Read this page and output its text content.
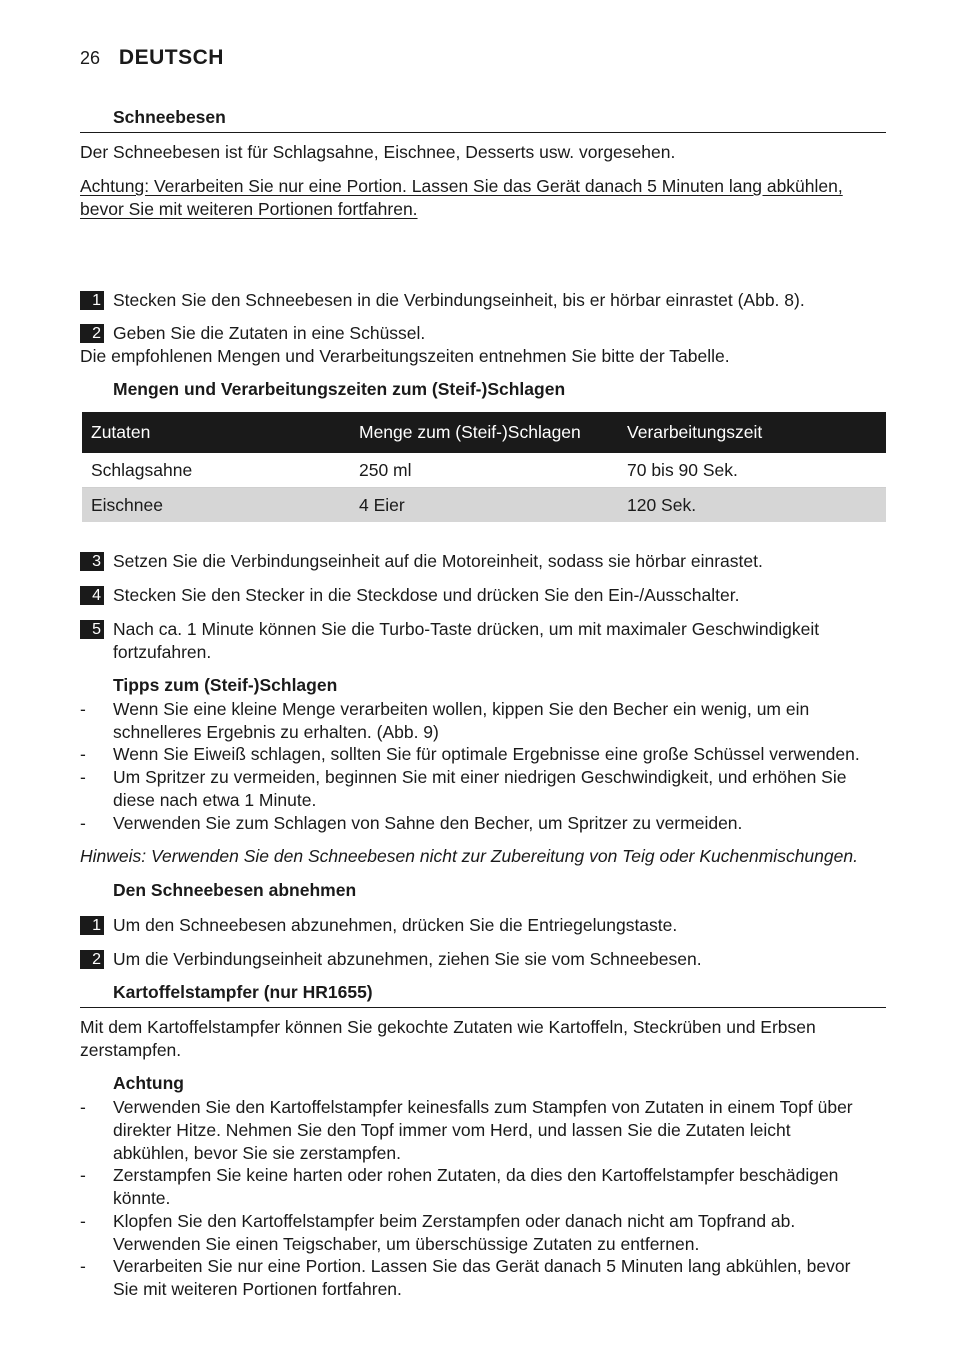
26 DEUTSCH
Schneebesen
Der Schneebesen ist für Schlagsahne, Eischnee, Desserts usw. vorgesehen.
Achtung: Verarbeiten Sie nur eine Portion. Lassen Sie das Gerät danach 5 Minuten lang abkühlen,
bevor Sie mit weiteren Portionen fortfahren.
1 Stecken Sie den Schneebesen in die Verbindungseinheit, bis er hörbar einrastet (Abb. 8).
2 Geben Sie die Zutaten in eine Schüssel.
Die empfohlenen Mengen und Verarbeitungszeiten entnehmen Sie bitte der Tabelle.
Mengen und Verarbeitungszeiten zum (Steif-)Schlagen
Zutaten	Menge zum (Steif-)Schlagen	Verarbeitungszeit
Schlagsahne	250 ml	70 bis 90 Sek.
Eischnee	4 Eier	120 Sek.
3 Setzen Sie die Verbindungseinheit auf die Motoreinheit, sodass sie hörbar einrastet.
4 Stecken Sie den Stecker in die Steckdose und drücken Sie den Ein-/Ausschalter.
5 Nach ca. 1 Minute können Sie die Turbo-Taste drücken, um mit maximaler Geschwindigkeit
fortzufahren.
Tipps zum (Steif-)Schlagen
- Wenn Sie eine kleine Menge verarbeiten wollen, kippen Sie den Becher ein wenig, um ein
schnelleres Ergebnis zu erhalten. (Abb. 9)
- Wenn Sie Eiweiß schlagen, sollten Sie für optimale Ergebnisse eine große Schüssel verwenden.
- Um Spritzer zu vermeiden, beginnen Sie mit einer niedrigen Geschwindigkeit, und erhöhen Sie
diese nach etwa 1 Minute.
- Verwenden Sie zum Schlagen von Sahne den Becher, um Spritzer zu vermeiden.
Hinweis: Verwenden Sie den Schneebesen nicht zur Zubereitung von Teig oder Kuchenmischungen.
Den Schneebesen abnehmen
1 Um den Schneebesen abzunehmen, drücken Sie die Entriegelungstaste.
2 Um die Verbindungseinheit abzunehmen, ziehen Sie sie vom Schneebesen.
Kartoffelstampfer (nur HR1655)
Mit dem Kartoffelstampfer können Sie gekochte Zutaten wie Kartoffeln, Steckrüben und Erbsen
zerstampfen.
Achtung
- Verwenden Sie den Kartoffelstampfer keinesfalls zum Stampfen von Zutaten in einem Topf über
direkter Hitze. Nehmen Sie den Topf immer vom Herd, und lassen Sie die Zutaten leicht
abkühlen, bevor Sie sie zerstampfen.
- Zerstampfen Sie keine harten oder rohen Zutaten, da dies den Kartoffelstampfer beschädigen
könnte.
- Klopfen Sie den Kartoffelstampfer beim Zerstampfen oder danach nicht am Topfrand ab.
Verwenden Sie einen Teigschaber, um überschüssige Zutaten zu entfernen.
- Verarbeiten Sie nur eine Portion. Lassen Sie das Gerät danach 5 Minuten lang abkühlen, bevor
Sie mit weiteren Portionen fortfahren.
